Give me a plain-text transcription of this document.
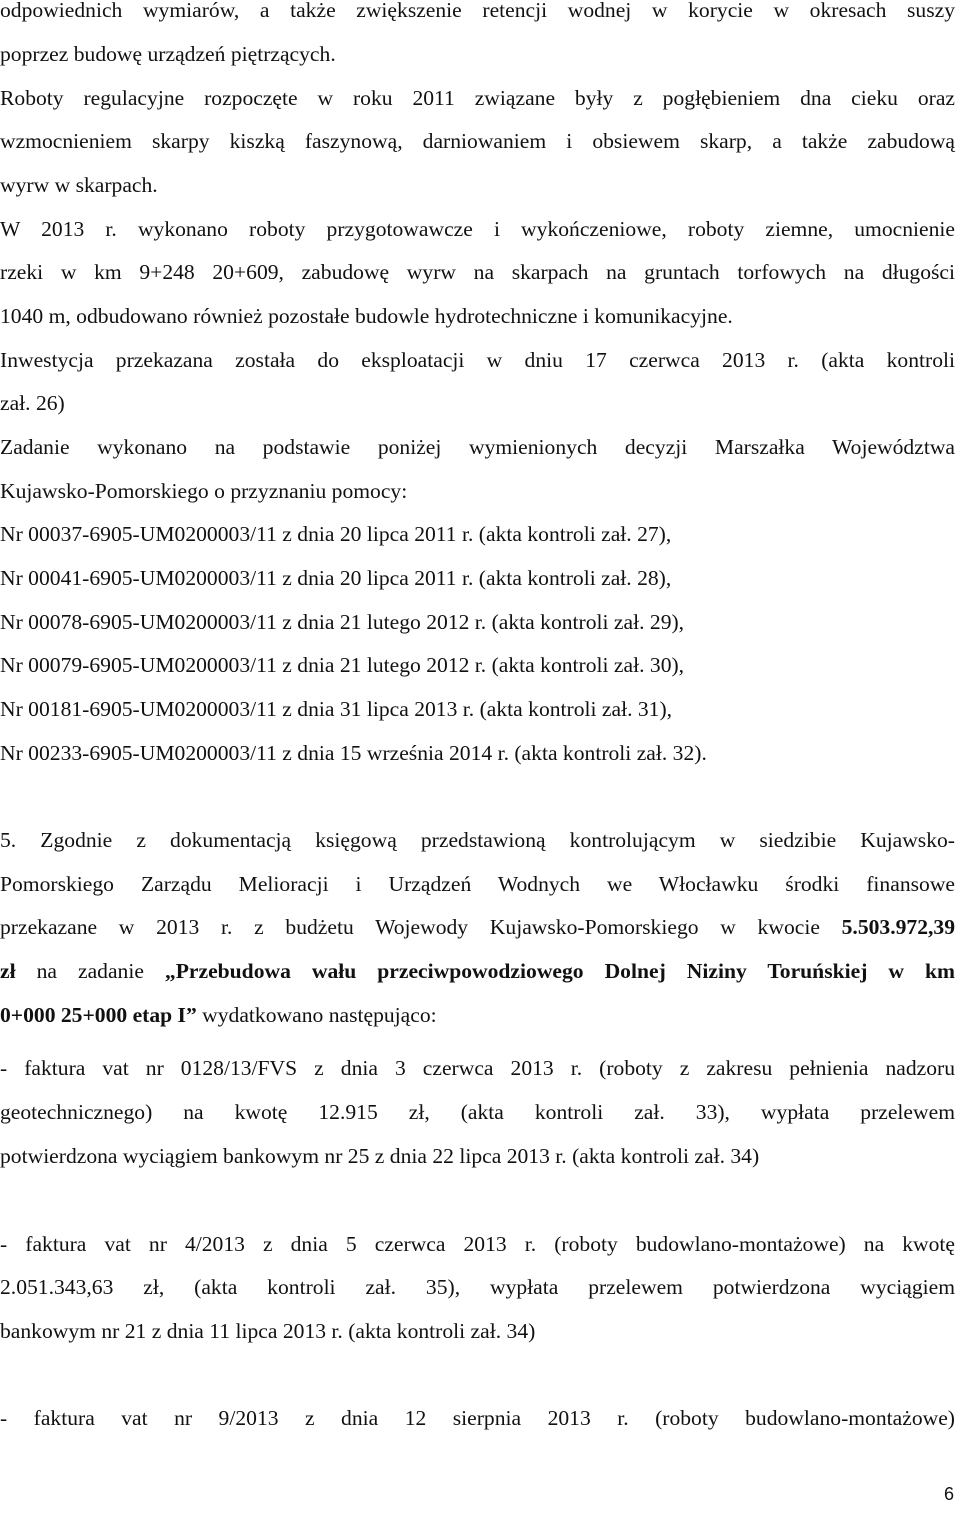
odpowiednich wymiarów, a także zwiększenie retencji wodnej w korycie w okresach suszy
poprzez budowę urządzeń piętrzących.
Roboty regulacyjne rozpoczęte w roku 2011 związane były z pogłębieniem dna cieku oraz
wzmocnieniem skarpy kiszką faszynową, darniowaniem i obsiewem skarp, a także zabudową
wyrw w skarpach.
W 2013 r. wykonano roboty przygotowawcze i wykończeniowe, roboty ziemne, umocnienie
rzeki w km 9+248 20+609, zabudowę wyrw na skarpach na gruntach torfowych na długości
1040 m, odbudowano również pozostałe budowle hydrotechniczne i komunikacyjne.
Inwestycja przekazana została do eksploatacji w dniu 17 czerwca 2013 r. (akta kontroli
zał. 26)
Zadanie wykonano na podstawie poniżej wymienionych decyzji Marszałka Województwa
Kujawsko-Pomorskiego o przyznaniu pomocy:
Nr 00037-6905-UM0200003/11 z dnia 20 lipca 2011 r. (akta kontroli zał. 27),
Nr 00041-6905-UM0200003/11 z dnia 20 lipca 2011 r. (akta kontroli zał. 28),
Nr 00078-6905-UM0200003/11 z dnia 21 lutego 2012 r. (akta kontroli zał. 29),
Nr 00079-6905-UM0200003/11 z dnia 21 lutego 2012 r. (akta kontroli zał. 30),
Nr 00181-6905-UM0200003/11 z dnia 31 lipca 2013 r. (akta kontroli zał. 31),
Nr 00233-6905-UM0200003/11 z dnia 15 września 2014 r. (akta kontroli zał. 32).
5. Zgodnie z dokumentacją księgową przedstawioną kontrolującym w siedzibie Kujawsko-
Pomorskiego Zarządu Melioracji i Urządzeń Wodnych we Włocławku środki finansowe
przekazane w 2013 r. z budżetu Wojewody Kujawsko-Pomorskiego w kwocie 5.503.972,39
zł na zadanie „Przebudowa wału przeciwpowodziowego Dolnej Niziny Toruńskiej w km
0+000 25+000 etap I” wydatkowano następująco:
- faktura vat nr 0128/13/FVS z dnia 3 czerwca 2013 r. (roboty z zakresu pełnienia nadzoru
geotechnicznego) na kwotę 12.915 zł, (akta kontroli zał. 33), wypłata przelewem
potwierdzona wyciągiem bankowym nr 25 z dnia 22 lipca 2013 r. (akta kontroli zał. 34)
- faktura vat nr 4/2013 z dnia 5 czerwca 2013 r. (roboty budowlano-montażowe) na kwotę
2.051.343,63 zł, (akta kontroli zał. 35), wypłata przelewem potwierdzona wyciągiem
bankowym nr 21 z dnia 11 lipca 2013 r. (akta kontroli zał. 34)
- faktura vat nr 9/2013 z dnia 12 sierpnia 2013 r. (roboty budowlano-montażowe)
6
